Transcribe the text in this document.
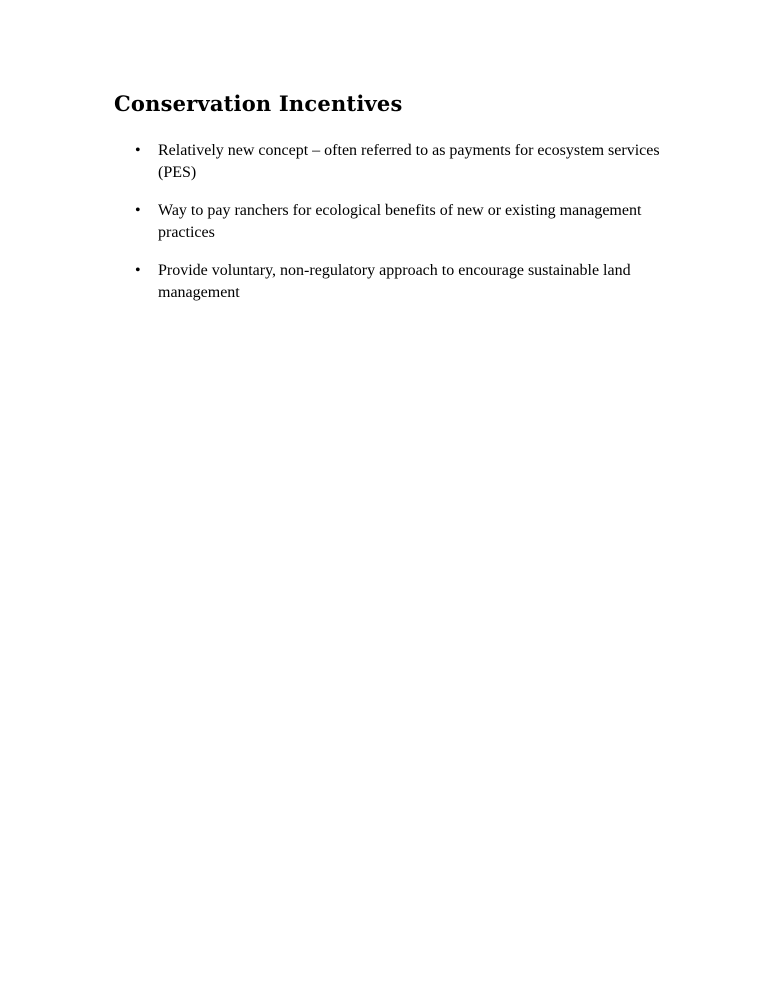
Conservation Incentives
• Relatively new concept – often referred to as payments for ecosystem services (PES)
• Way to pay ranchers for ecological benefits of new or existing management practices
• Provide voluntary, non-regulatory approach to encourage sustainable land management
